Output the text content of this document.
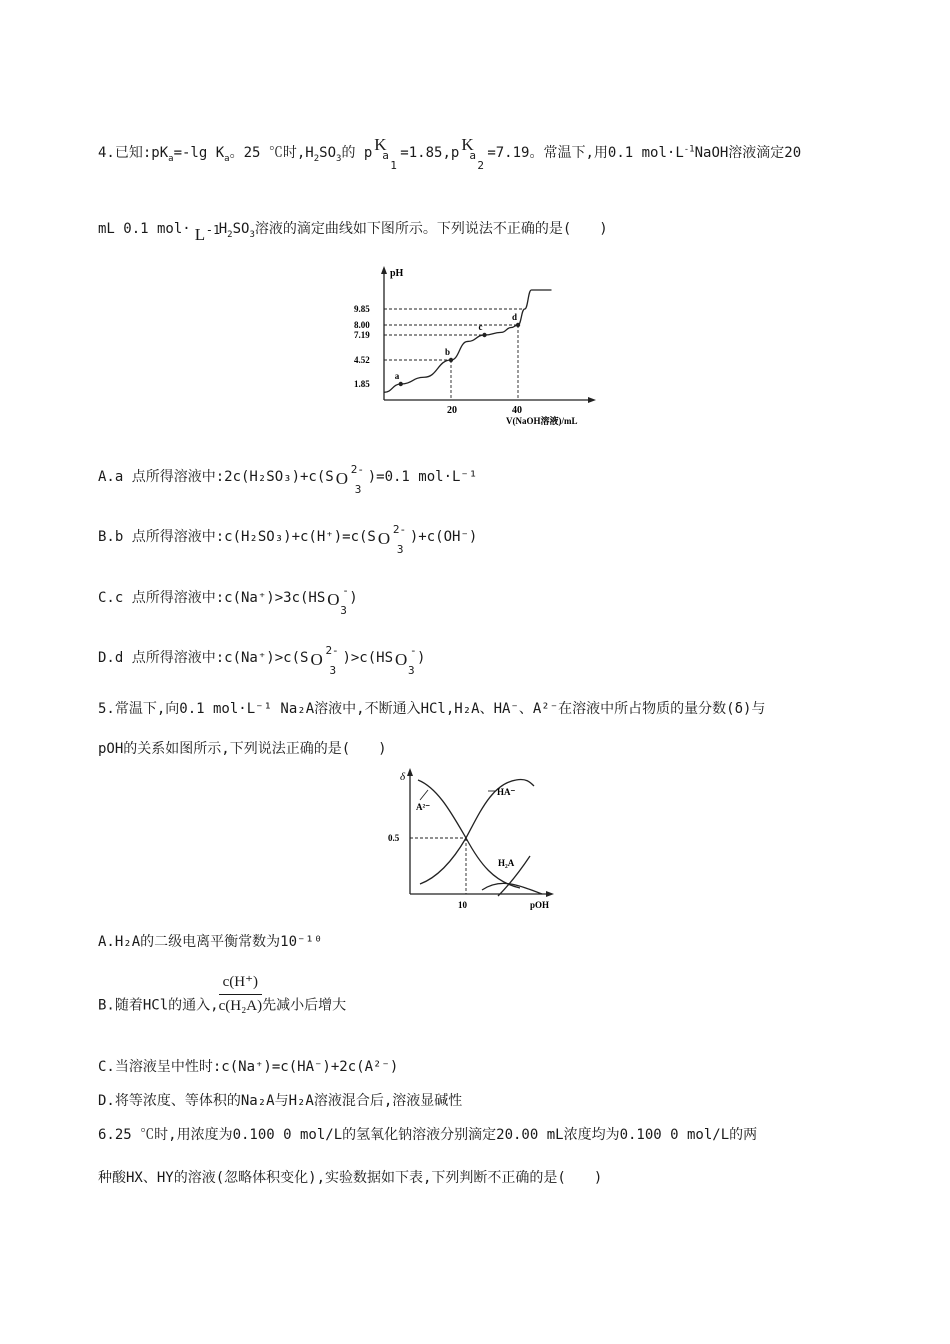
4.已知$:pK_a=-\lg$ $K_a$。25 ℃时$,H_2SO_3$的 p K
a
1
=1.85,p K
a
2
=7.19。常温下,用0.1 $mol\cdot L^{-1}NaOH$溶液滴定20
mL 0.1 mol· L -1
$H_2SO_3$溶液的滴定曲线如下图所示。下列说法不正确的是(　　)
pH
V(NaOH溶液)/mL
9.85
8.00
7.19
4.52
1.85
20	40
a
b
c
d
A.a 点所得溶液中:2c(H₂SO₃)+c(S O 2-
3
)=0.1 mol·L⁻¹
B.b 点所得溶液中:c(H₂SO₃)+c(H⁺)=c(S O 2-
3
)+c(OH⁻)
C.c 点所得溶液中:c(Na⁺)>3c(HS O -
3
)
D.d 点所得溶液中:c(Na⁺)>c(S O 2-
3
)>c(HS O -
3
)
5.常温下,向0.1 mol·L⁻¹ Na₂A溶液中,不断通入HCl,H₂A、HA⁻、A²⁻在溶液中所占物质的量分数(δ)与
pOH的关系如图所示,下列说法正确的是(　　)
δ
pOH
0.5
10
A²⁻
HA⁻
H₂A
A.H₂A的二级电离平衡常数为10⁻¹⁰
B.随着HCl的通入, $\frac{c(H^+)}{\text{c(H₂A)}}$ 先减小后增大
C.当溶液呈中性时:c(Na⁺)=c(HA⁻)+2c(A²⁻)
D.将等浓度、等体积的Na₂A与H₂A溶液混合后,溶液显碱性
6.25 ℃时,用浓度为0.100 0 mol/L的氢氧化钠溶液分别滴定20.00 mL浓度均为0.100 0 mol/L的两
种酸HX、HY的溶液(忽略体积变化),实验数据如下表,下列判断不正确的是(　　)
